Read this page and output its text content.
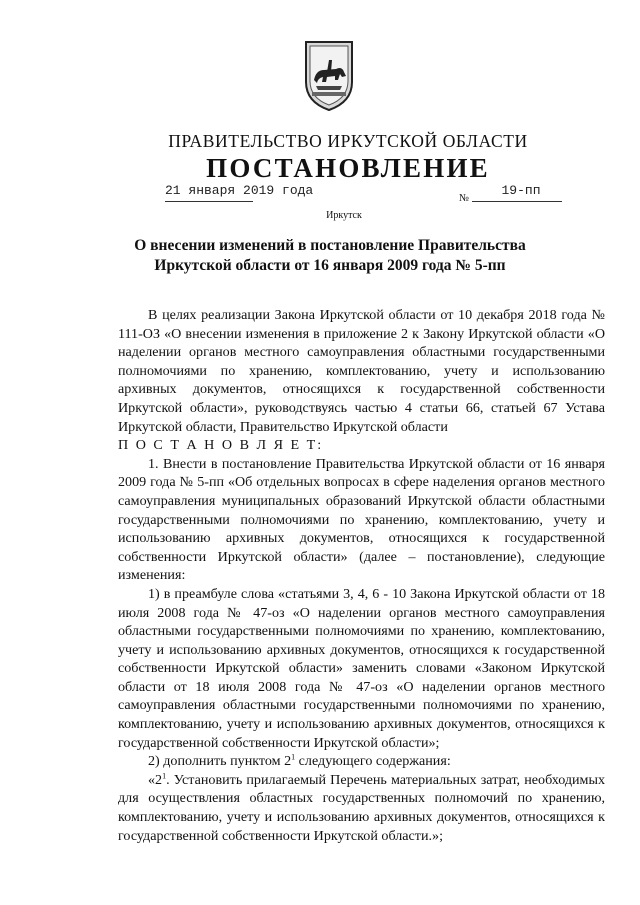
ПРАВИТЕЛЬСТВО ИРКУТСКОЙ ОБЛАСТИ
ПОСТАНОВЛЕНИЕ
21 января 2019 года
№
19-пп
Иркутск
О внесении изменений в постановление Правительства Иркутской области от 16 января 2009 года № 5-пп

В целях реализации Закона Иркутской области от 10 декабря 2018 года № 111-ОЗ «О внесении изменения в приложение 2 к Закону Иркутской области «О наделении органов местного самоуправления областными государственными полномочиями по хранению, комплектованию, учету и использованию архивных документов, относящихся к государственной собственности Иркутской области», руководствуясь частью 4 статьи 66, статьей 67 Устава Иркутской области, Правительство Иркутской области

П О С Т А Н О В Л Я Е Т:

1. Внести в постановление Правительства Иркутской области от 16 января 2009 года № 5-пп «Об отдельных вопросах в сфере наделения органов местного самоуправления муниципальных образований Иркутской области областными государственными полномочиями по хранению, комплектованию, учету и использованию архивных документов, относящихся к государственной собственности Иркутской области» (далее – постановление), следующие изменения:

1) в преамбуле слова «статьями 3, 4, 6 - 10 Закона Иркутской области от 18 июля 2008 года № 47-оз «О наделении органов местного самоуправления областными государственными полномочиями по хранению, комплектованию, учету и использованию архивных документов, относящихся к государственной собственности Иркутской области» заменить словами «Законом Иркутской области от 18 июля 2008 года № 47-оз «О наделении органов местного самоуправления областными государственными полномочиями по хранению, комплектованию, учету и использованию архивных документов, относящихся к государственной собственности Иркутской области»;

2) дополнить пунктом $2^1$ следующего содержания:

«$2^1$. Установить прилагаемый Перечень материальных затрат, необходимых для осуществления областных государственных полномочий по хранению, комплектованию, учету и использованию архивных документов, относящихся к государственной собственности Иркутской области.»;
